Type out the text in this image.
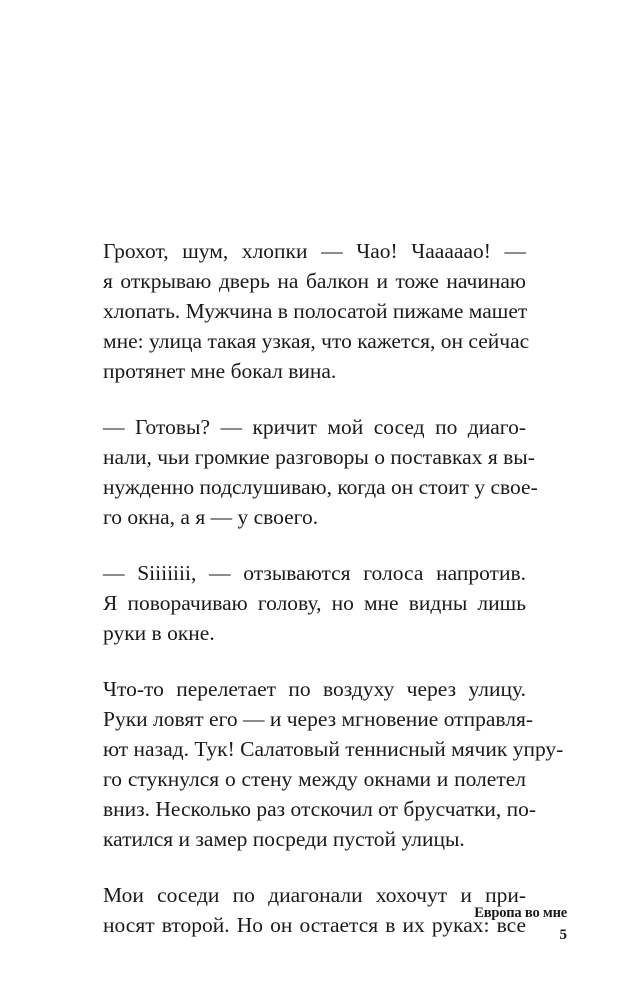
Грохот, шум, хлопки — Чао! Чаааааo! —
я открываю дверь на балкон и тоже начинаю
хлопать. Мужчина в полосатой пижаме машет
мне: улица такая узкая, что кажется, он сейчас
протянет мне бокал вина.
— Готовы? — кричит мой сосед по диаго-
нали, чьи громкие разговоры о поставках я вы-
нужденно подслушиваю, когда он стоит у свое-
го окна, а я — у своего.
— Siiiiiii, — отзываются голоса напротив.
Я поворачиваю голову, но мне видны лишь
руки в окне.
Что-то перелетает по воздуху через улицу.
Руки ловят его — и через мгновение отправля-
ют назад. Тук! Салатовый теннисный мячик упру-
го стукнулся о стену между окнами и полетел
вниз. Несколько раз отскочил от брусчатки, по-
катился и замер посреди пустой улицы.
Мои соседи по диагонали хохочут и при-
носят второй. Но он остается в их руках: все
Европа во мне
5
